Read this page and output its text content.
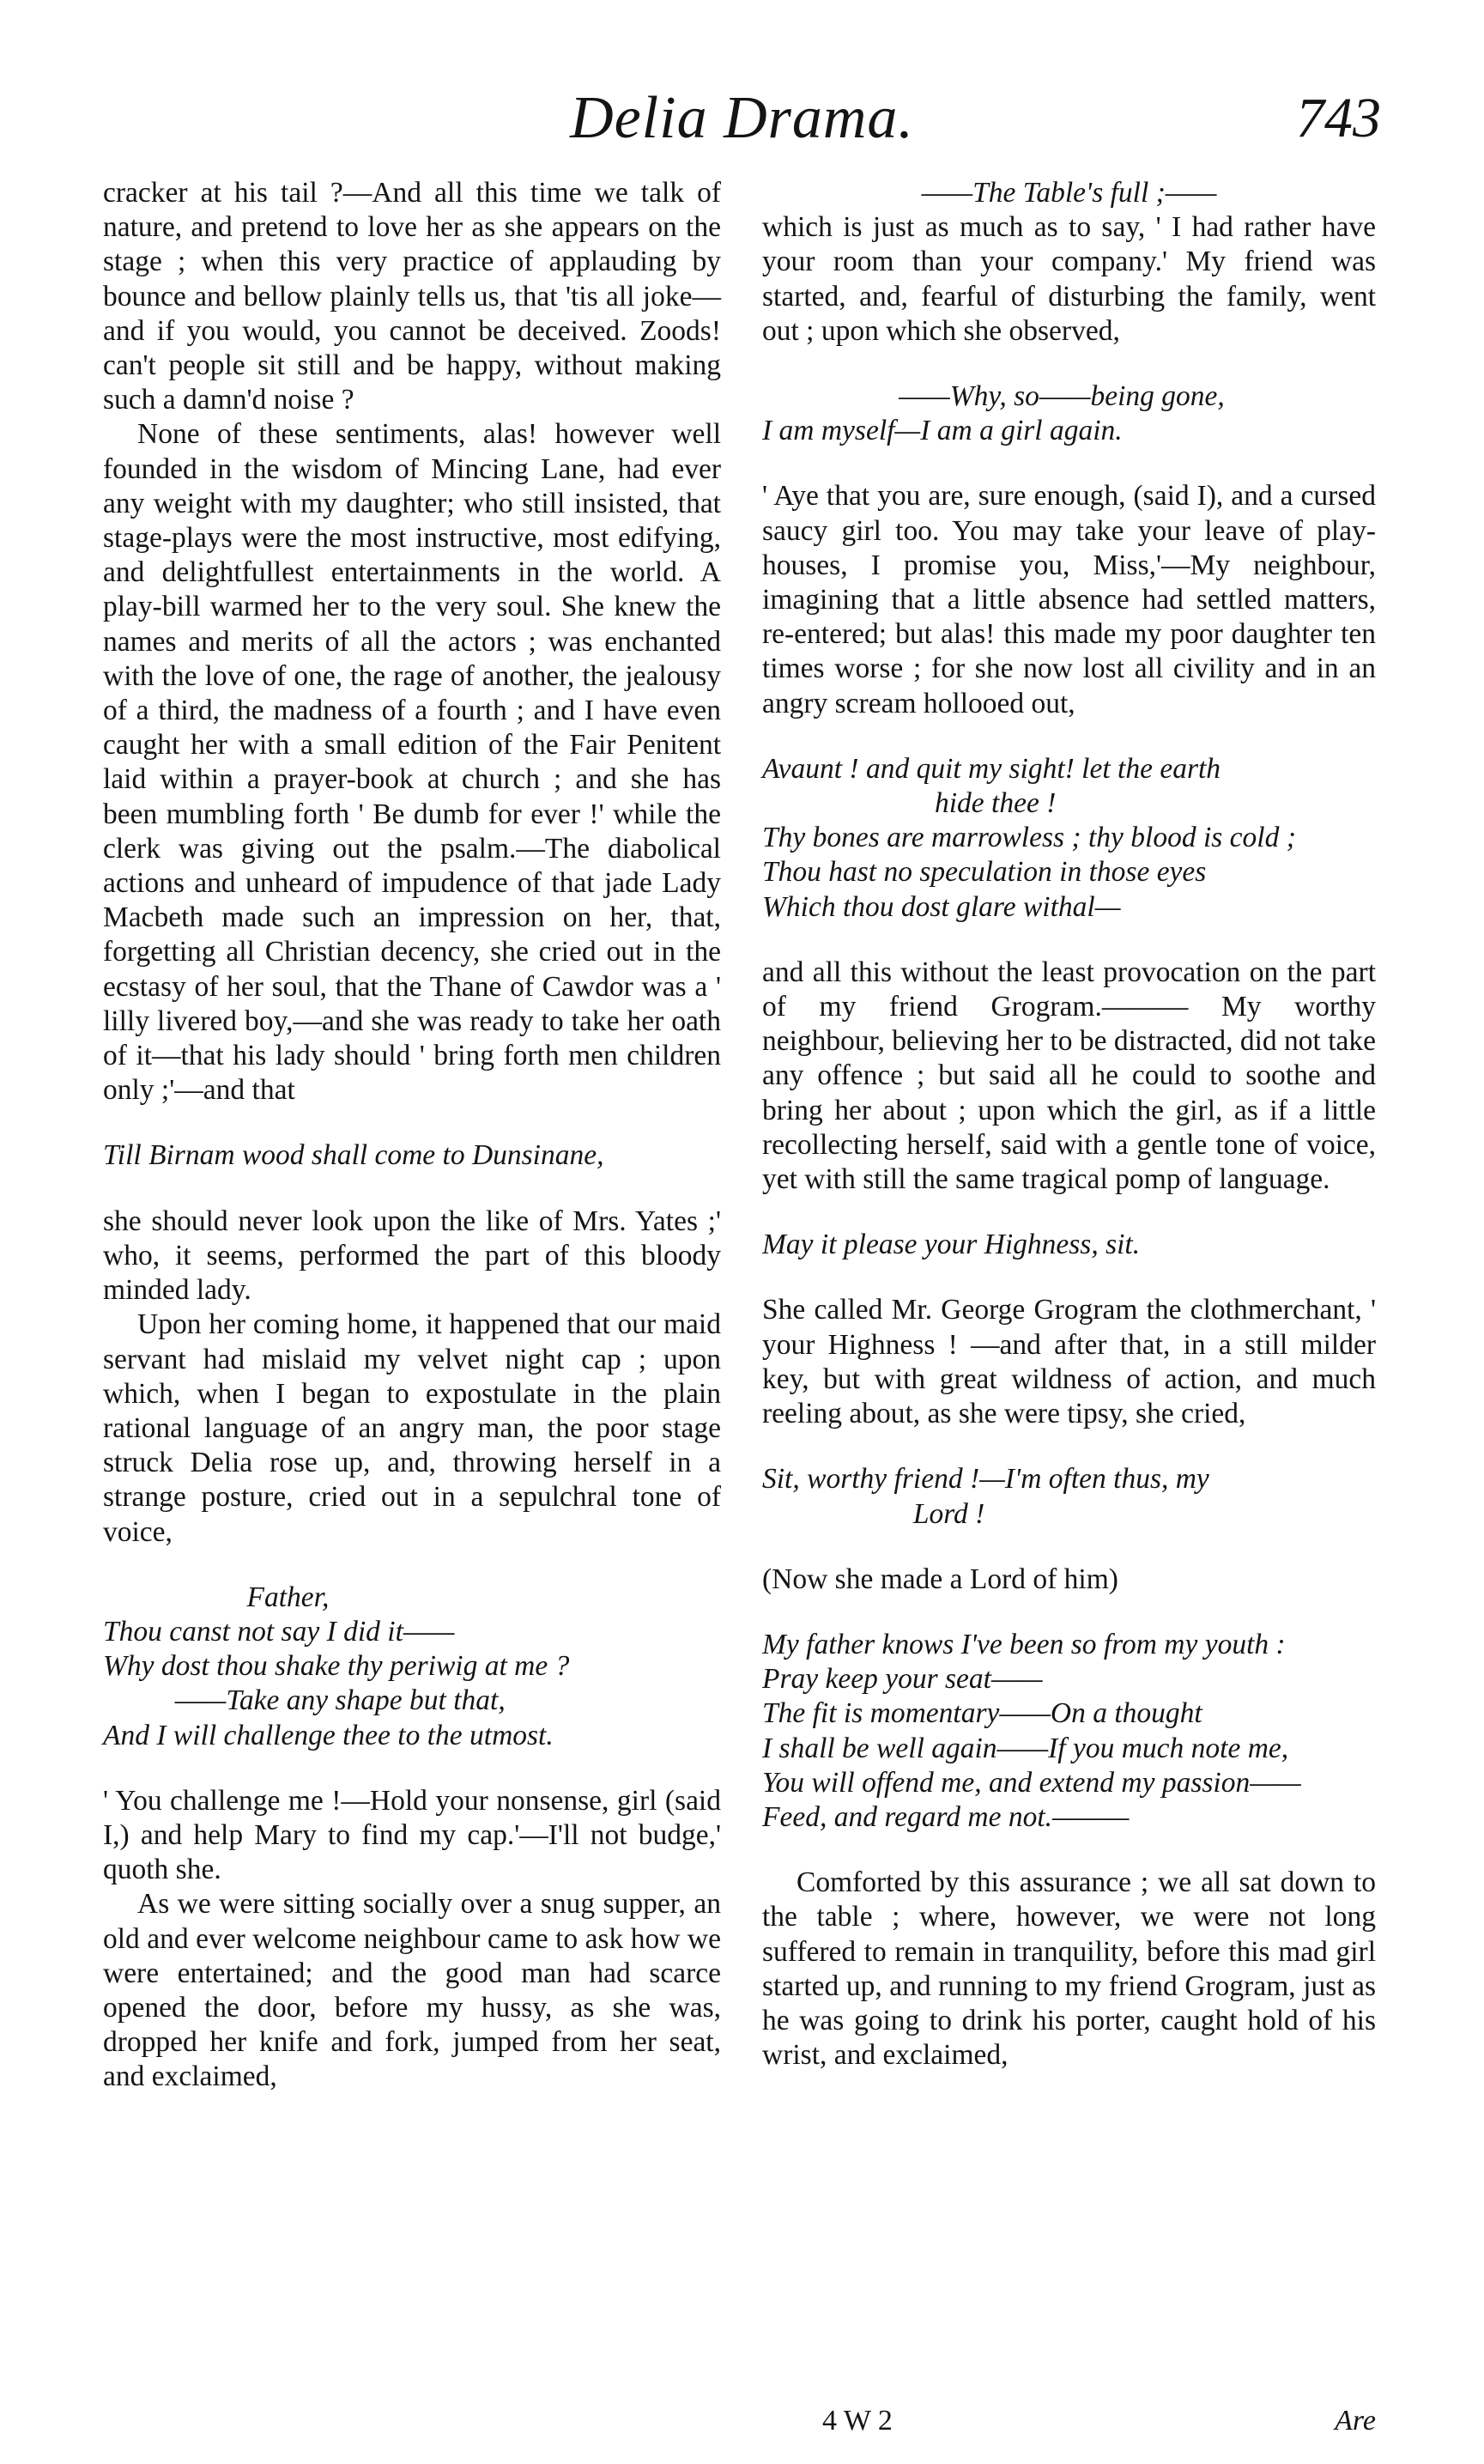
Delia Drama.	743

cracker at his tail ?—And all this time we talk of nature, and pretend to love her as she appears on the stage ; when this very practice of applauding by bounce and bellow plainly tells us, that 'tis all joke—and if you would, you cannot be deceived. Zoods! can't people sit still and be happy, without making such a damn'd noise ?

None of these sentiments, alas! however well founded in the wisdom of Mincing Lane, had ever any weight with my daughter; who still insisted, that stage-plays were the most instructive, most edifying, and delightfullest entertainments in the world. A play-bill warmed her to the very soul. She knew the names and merits of all the actors ; was enchanted with the love of one, the rage of another, the jealousy of a third, the madness of a fourth ; and I have even caught her with a small edition of the Fair Penitent laid within a prayer-book at church ; and she has been mumbling forth ' Be dumb for ever !' while the clerk was giving out the psalm.—The diabolical actions and unheard of impudence of that jade Lady Macbeth made such an impression on her, that, forgetting all Christian decency, she cried out in the ecstasy of her soul, that the Thane of Cawdor was a ' lilly livered boy,—and she was ready to take her oath of it—that his lady should ' bring forth men children only ;'—and that

Till Birnam wood shall come to Dunsinane,

she should never look upon the like of Mrs. Yates ;' who, it seems, performed the part of this bloody minded lady.

Upon her coming home, it happened that our maid servant had mislaid my velvet night cap ; upon which, when I began to expostulate in the plain rational language of an angry man, the poor stage struck Delia rose up, and, throwing herself in a strange posture, cried out in a sepulchral tone of voice,

Father,
Thou canst not say I did it——
Why dost thou shake thy periwig at me ?
——Take any shape but that,
And I will challenge thee to the utmost.

' You challenge me !—Hold your nonsense, girl (said I,) and help Mary to find my cap.'—I'll not budge,' quoth she.

As we were sitting socially over a snug supper, an old and ever welcome neighbour came to ask how we were entertained; and the good man had scarce opened the door, before my hussy, as she was, dropped her knife and fork, jumped from her seat, and exclaimed,

——The Table's full ;——

which is just as much as to say, ' I had rather have your room than your company.' My friend was started, and, fearful of disturbing the family, went out ; upon which she observed,

——Why, so——being gone,
I am myself—I am a girl again.

' Aye that you are, sure enough, (said I), and a cursed saucy girl too. You may take your leave of play-houses, I promise you, Miss,'—My neighbour, imagining that a little absence had settled matters, re-entered; but alas! this made my poor daughter ten times worse ; for she now lost all civility and in an angry scream hollooed out,

Avaunt ! and quit my sight! let the earth
hide thee !
Thy bones are marrowless ; thy blood is cold ;
Thou hast no speculation in those eyes
Which thou dost glare withal—

and all this without the least provocation on the part of my friend Grogram.——— My worthy neighbour, believing her to be distracted, did not take any offence ; but said all he could to soothe and bring her about ; upon which the girl, as if a little recollecting herself, said with a gentle tone of voice, yet with still the same tragical pomp of language.

May it please your Highness, sit.

She called Mr. George Grogram the clothmerchant, ' your Highness ! —and after that, in a still milder key, but with great wildness of action, and much reeling about, as she were tipsy, she cried,

Sit, worthy friend !—I'm often thus, my
Lord !

(Now she made a Lord of him)

My father knows I've been so from my youth :
Pray keep your seat——
The fit is momentary——On a thought
I shall be well again——If you much note me,
You will offend me, and extend my passion——
Feed, and regard me not.———

Comforted by this assurance ; we all sat down to the table ; where, however, we were not long suffered to remain in tranquility, before this mad girl started up, and running to my friend Grogram, just as he was going to drink his porter, caught hold of his wrist, and exclaimed,

4 W 2	Are
